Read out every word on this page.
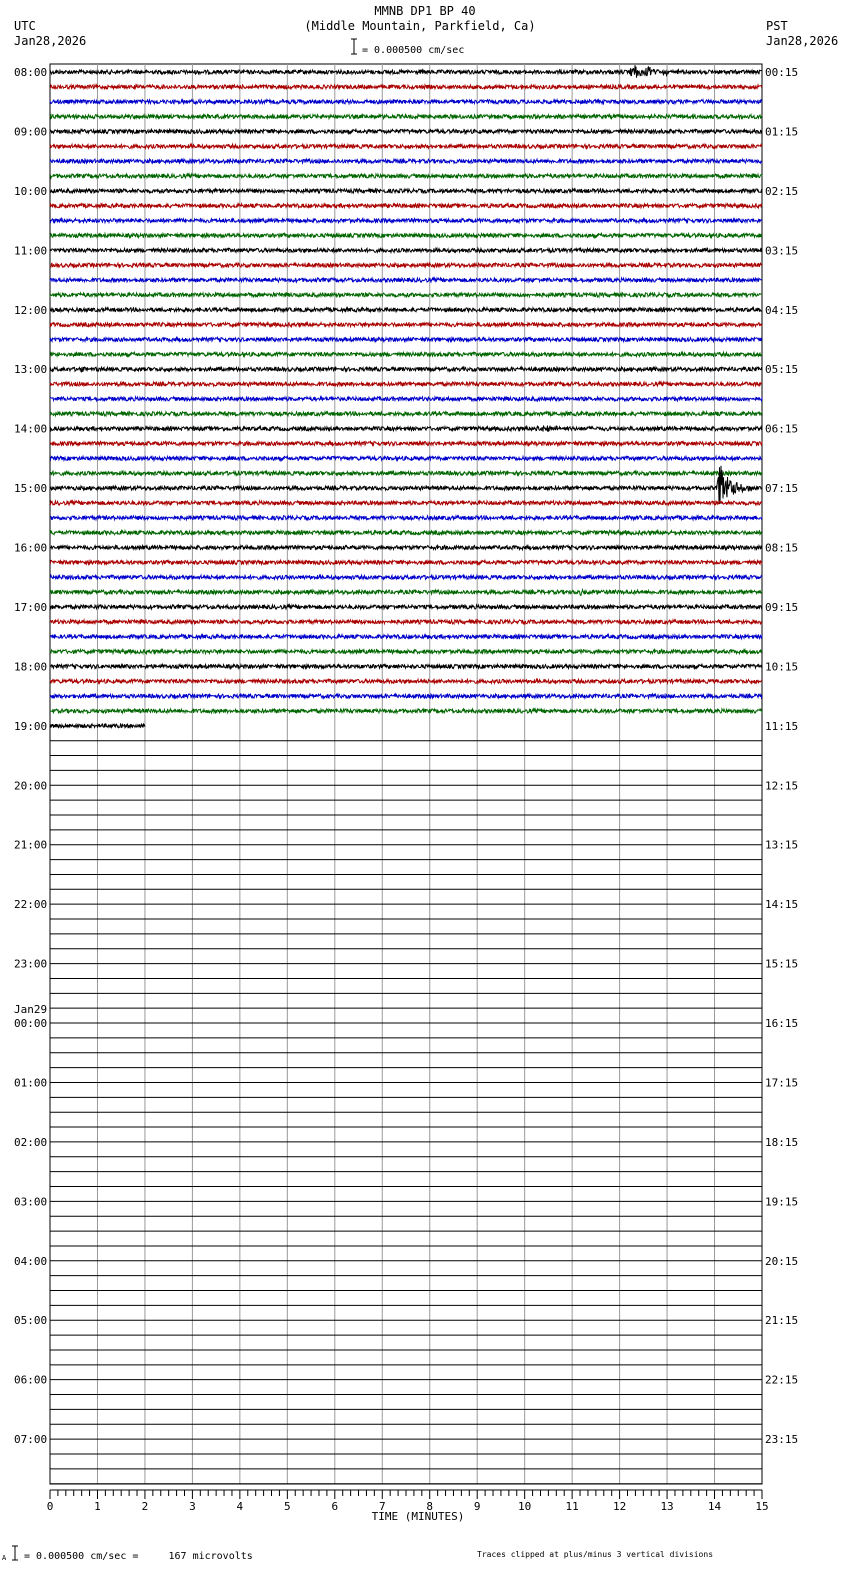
MMNB DP1 BP 40
(Middle Mountain, Parkfield, Ca)
UTC
Jan28,2026
PST
Jan28,2026
= 0.000500 cm/sec
08:00
09:00
10:00
11:00
12:00
13:00
14:00
15:00
16:00
17:00
18:00
19:00
20:00
21:00
22:00
23:00
00:00
Jan29
01:00
02:00
03:00
04:00
05:00
06:00
07:00
00:15
01:15
02:15
03:15
04:15
05:15
06:15
07:15
08:15
09:15
10:15
11:15
12:15
13:15
14:15
15:15
16:15
17:15
18:15
19:15
20:15
21:15
22:15
23:15
0	1	2	3	4	5	6	7	8	9	10	11	12	13	14	15
TIME (MINUTES)
A = 0.000500 cm/sec =     167 microvolts	Traces clipped at plus/minus 3 vertical divisions
